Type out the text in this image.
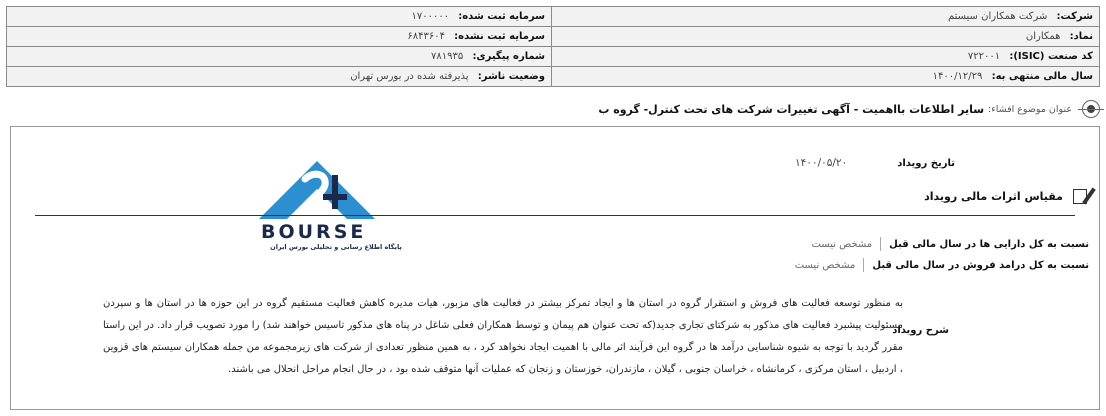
شرکت: شرکت همکاران سیستم	سرمایه ثبت شده: ۱۷۰۰۰۰۰
نماد: همکاران	سرمایه ثبت نشده: ۶۸۴۳۶۰۴
کد صنعت (ISIC): ۷۲۲۰۰۱	شماره پیگیری: ۷۸۱۹۳۵
سال مالی منتهی به: ۱۴۰۰/۱۲/۲۹	وضعیت ناشر: پذیرفته شده در بورس تهران
عنوان موضوع افشاء:
سایر اطلاعات بااهمیت - آگهی تغییرات شرکت های تحت کنترل- گروه ب
تاریخ رویداد
۱۴۰۰/۰۵/۲۰
BOURSE
پایگاه اطلاع رسانی و تحلیلی بورس ایران
مقیاس اثرات مالی رویداد
نسبت به کل دارایی ها در سال مالی قبل
مشخص نیست
نسبت به کل درامد فروش در سال مالی قبل
مشخص نیست
شرح رویداد
به منظور توسعه فعالیت های فروش و استقرار گروه در استان ها و ایجاد تمرکز بیشتر در فعالیت های مزبور، هیات مدیره کاهش فعالیت مستقیم گروه در این حوزه ها در استان ها و سپردن مسئولیت پیشبرد فعالیت های مذکور به شرکتای تجاری جدید(که تحت عنوان هم پیمان و توسط همکاران فعلی شاغل در پناه های مذکور تاسیس خواهند شد) را مورد تصویب قرار داد. در این راستا مقرر گردید با توجه به شیوه شناسایی درآمد ها در گروه این فرآیند اثر مالی با اهمیت ایجاد نخواهد کرد ، به همین منظور تعدادی از شرکت های زیرمجموعه من جمله همکاران سیستم های قزوین ، اردبیل ، استان مرکزی ، کرمانشاه ، خراسان جنوبی ، گیلان ، مازندران، خوزستان و زنجان که عملیات آنها متوقف شده بود ، در حال انجام مراحل انحلال می باشند.
